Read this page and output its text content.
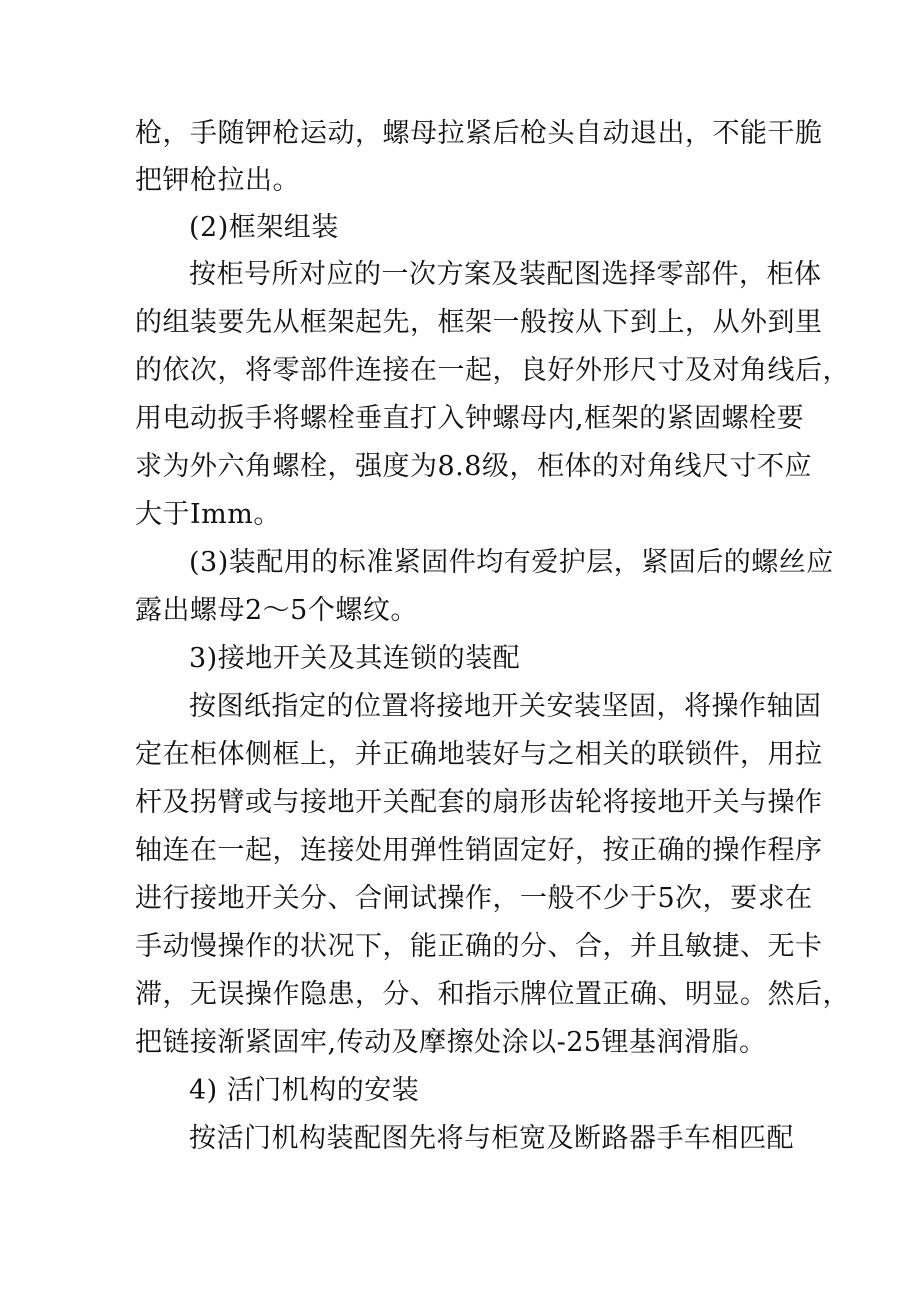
枪，手随钾枪运动，螺母拉紧后枪头自动退出，不能干脆
把钾枪拉出。
(2)框架组装
按柜号所对应的一次方案及装配图选择零部件，柜体
的组装要先从框架起先，框架一般按从下到上，从外到里
的依次，将零部件连接在一起，良好外形尺寸及对角线后，
用电动扳手将螺栓垂直打入钟螺母内,框架的紧固螺栓要
求为外六角螺栓，强度为8.8级，柜体的对角线尺寸不应
大于Imm。
(3)装配用的标准紧固件均有爱护层，紧固后的螺丝应
露出螺母2〜5个螺纹。
3)接地开关及其连锁的装配
按图纸指定的位置将接地开关安装坚固，将操作轴固
定在柜体侧框上，并正确地装好与之相关的联锁件，用拉
杆及拐臂或与接地开关配套的扇形齿轮将接地开关与操作
轴连在一起，连接处用弹性销固定好，按正确的操作程序
进行接地开关分、合闸试操作，一般不少于5次，要求在
手动慢操作的状况下，能正确的分、合，并且敏捷、无卡
滞，无误操作隐患，分、和指示牌位置正确、明显。然后，
把链接渐紧固牢,传动及摩擦处涂以-25锂基润滑脂。
4) 活门机构的安装
按活门机构装配图先将与柜宽及断路器手车相匹配
